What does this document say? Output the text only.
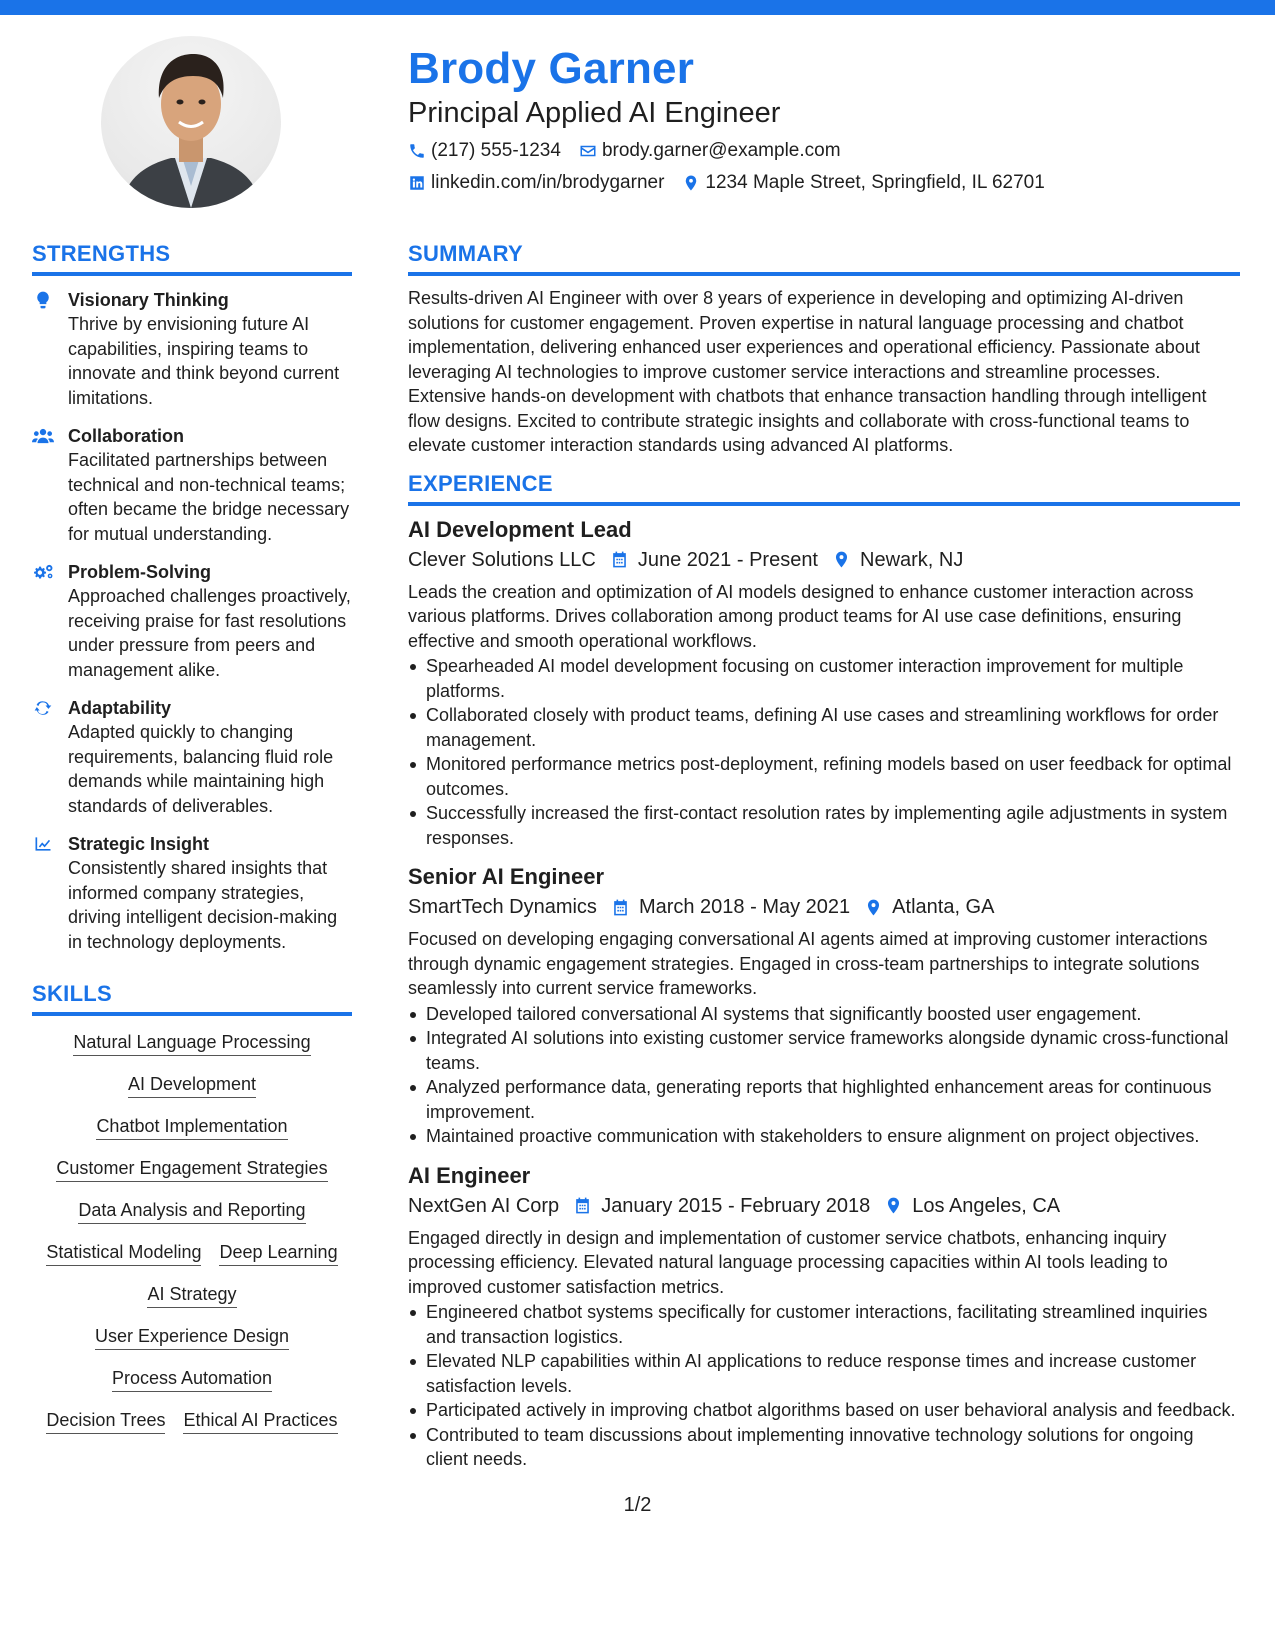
Brody Garner
Principal Applied AI Engineer
(217) 555-1234 brody.garner@example.com
linkedin.com/in/brodygarner 1234 Maple Street, Springfield, IL 62701
STRENGTHS
Visionary Thinking
Thrive by envisioning future AI capabilities, inspiring teams to innovate and think beyond current limitations.
Collaboration
Facilitated partnerships between technical and non-technical teams; often became the bridge necessary for mutual understanding.
Problem-Solving
Approached challenges proactively, receiving praise for fast resolutions under pressure from peers and management alike.
Adaptability
Adapted quickly to changing requirements, balancing fluid role demands while maintaining high standards of deliverables.
Strategic Insight
Consistently shared insights that informed company strategies, driving intelligent decision-making in technology deployments.
SKILLS
Natural Language Processing
AI Development
Chatbot Implementation
Customer Engagement Strategies
Data Analysis and Reporting
Statistical Modeling Deep Learning
AI Strategy
User Experience Design
Process Automation
Decision Trees Ethical AI Practices
SUMMARY
Results-driven AI Engineer with over 8 years of experience in developing and optimizing AI-driven solutions for customer engagement. Proven expertise in natural language processing and chatbot implementation, delivering enhanced user experiences and operational efficiency. Passionate about leveraging AI technologies to improve customer service interactions and streamline processes. Extensive hands-on development with chatbots that enhance transaction handling through intelligent flow designs. Excited to contribute strategic insights and collaborate with cross-functional teams to elevate customer interaction standards using advanced AI platforms.
EXPERIENCE
AI Development Lead
Clever Solutions LLC June 2021 - Present Newark, NJ
Leads the creation and optimization of AI models designed to enhance customer interaction across various platforms. Drives collaboration among product teams for AI use case definitions, ensuring effective and smooth operational workflows.
Spearheaded AI model development focusing on customer interaction improvement for multiple platforms.
Collaborated closely with product teams, defining AI use cases and streamlining workflows for order management.
Monitored performance metrics post-deployment, refining models based on user feedback for optimal outcomes.
Successfully increased the first-contact resolution rates by implementing agile adjustments in system responses.
Senior AI Engineer
SmartTech Dynamics March 2018 - May 2021 Atlanta, GA
Focused on developing engaging conversational AI agents aimed at improving customer interactions through dynamic engagement strategies. Engaged in cross-team partnerships to integrate solutions seamlessly into current service frameworks.
Developed tailored conversational AI systems that significantly boosted user engagement.
Integrated AI solutions into existing customer service frameworks alongside dynamic cross-functional teams.
Analyzed performance data, generating reports that highlighted enhancement areas for continuous improvement.
Maintained proactive communication with stakeholders to ensure alignment on project objectives.
AI Engineer
NextGen AI Corp January 2015 - February 2018 Los Angeles, CA
Engaged directly in design and implementation of customer service chatbots, enhancing inquiry processing efficiency. Elevated natural language processing capacities within AI tools leading to improved customer satisfaction metrics.
Engineered chatbot systems specifically for customer interactions, facilitating streamlined inquiries and transaction logistics.
Elevated NLP capabilities within AI applications to reduce response times and increase customer satisfaction levels.
Participated actively in improving chatbot algorithms based on user behavioral analysis and feedback.
Contributed to team discussions about implementing innovative technology solutions for ongoing client needs.
1/2
